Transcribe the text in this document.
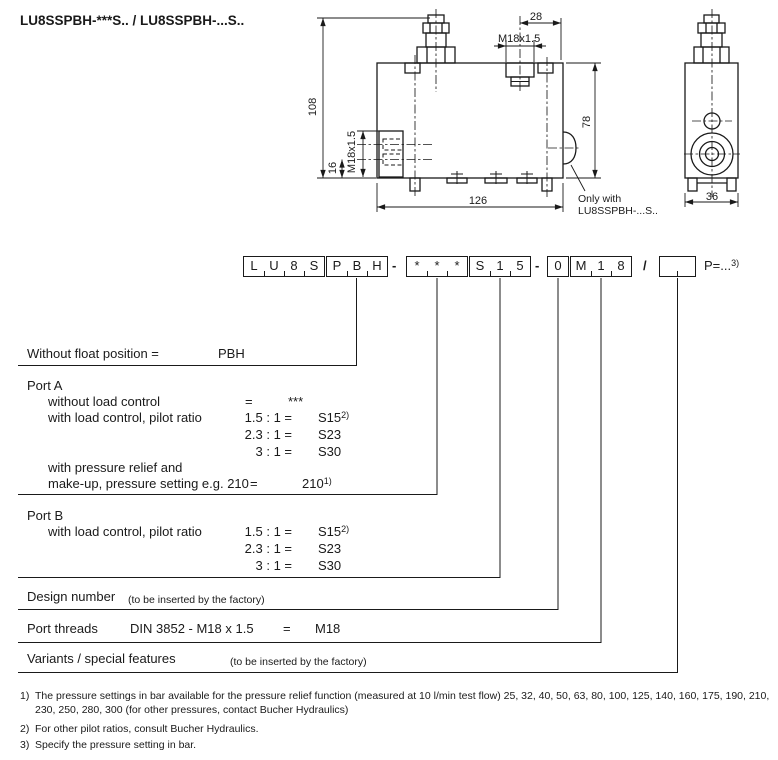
28
M18x1.5
108
78
16 M18x1.5
126	36
Only with
LU8SSPBH-...S..
LU8SSPBH-***S.. / LU8SSPBH-...S..
L U 8 S	P B H -	*	*	*	S 1 5 -	0	M 1 8	/	P=...$^{3)}$
Without float position =	PBH
Port A
without load control	=	***
with load control, pilot ratio	1.5 : $1 = S15^{2)}$
2.3 : 1 = S23
3 : 1 = S30
with pressure relief and
make-up, pressure setting e.g. 210 =	$210^{1)}$
Port B
with load control, pilot ratio	1.5 : $1 = S15^{2)}$
2.3 : 1 = S23
3 : 1 = S30
Design number (to be inserted by the factory)
Port threads DIN 3852 - M18 x 1.5 = M18
Variants / special features	(to be inserted by the factory)
1) The pressure settings in bar available for the pressure relief function (measured at 10 l/min test flow) 25, 32, 40, 50, 63, 80, 100, 125, 140, 160, 175, 190, 210, 230, 250, 280, 300 (for other pressures, contact Bucher Hydraulics)
2) For other pilot ratios, consult Bucher Hydraulics.
3) Specify the pressure setting in bar.
